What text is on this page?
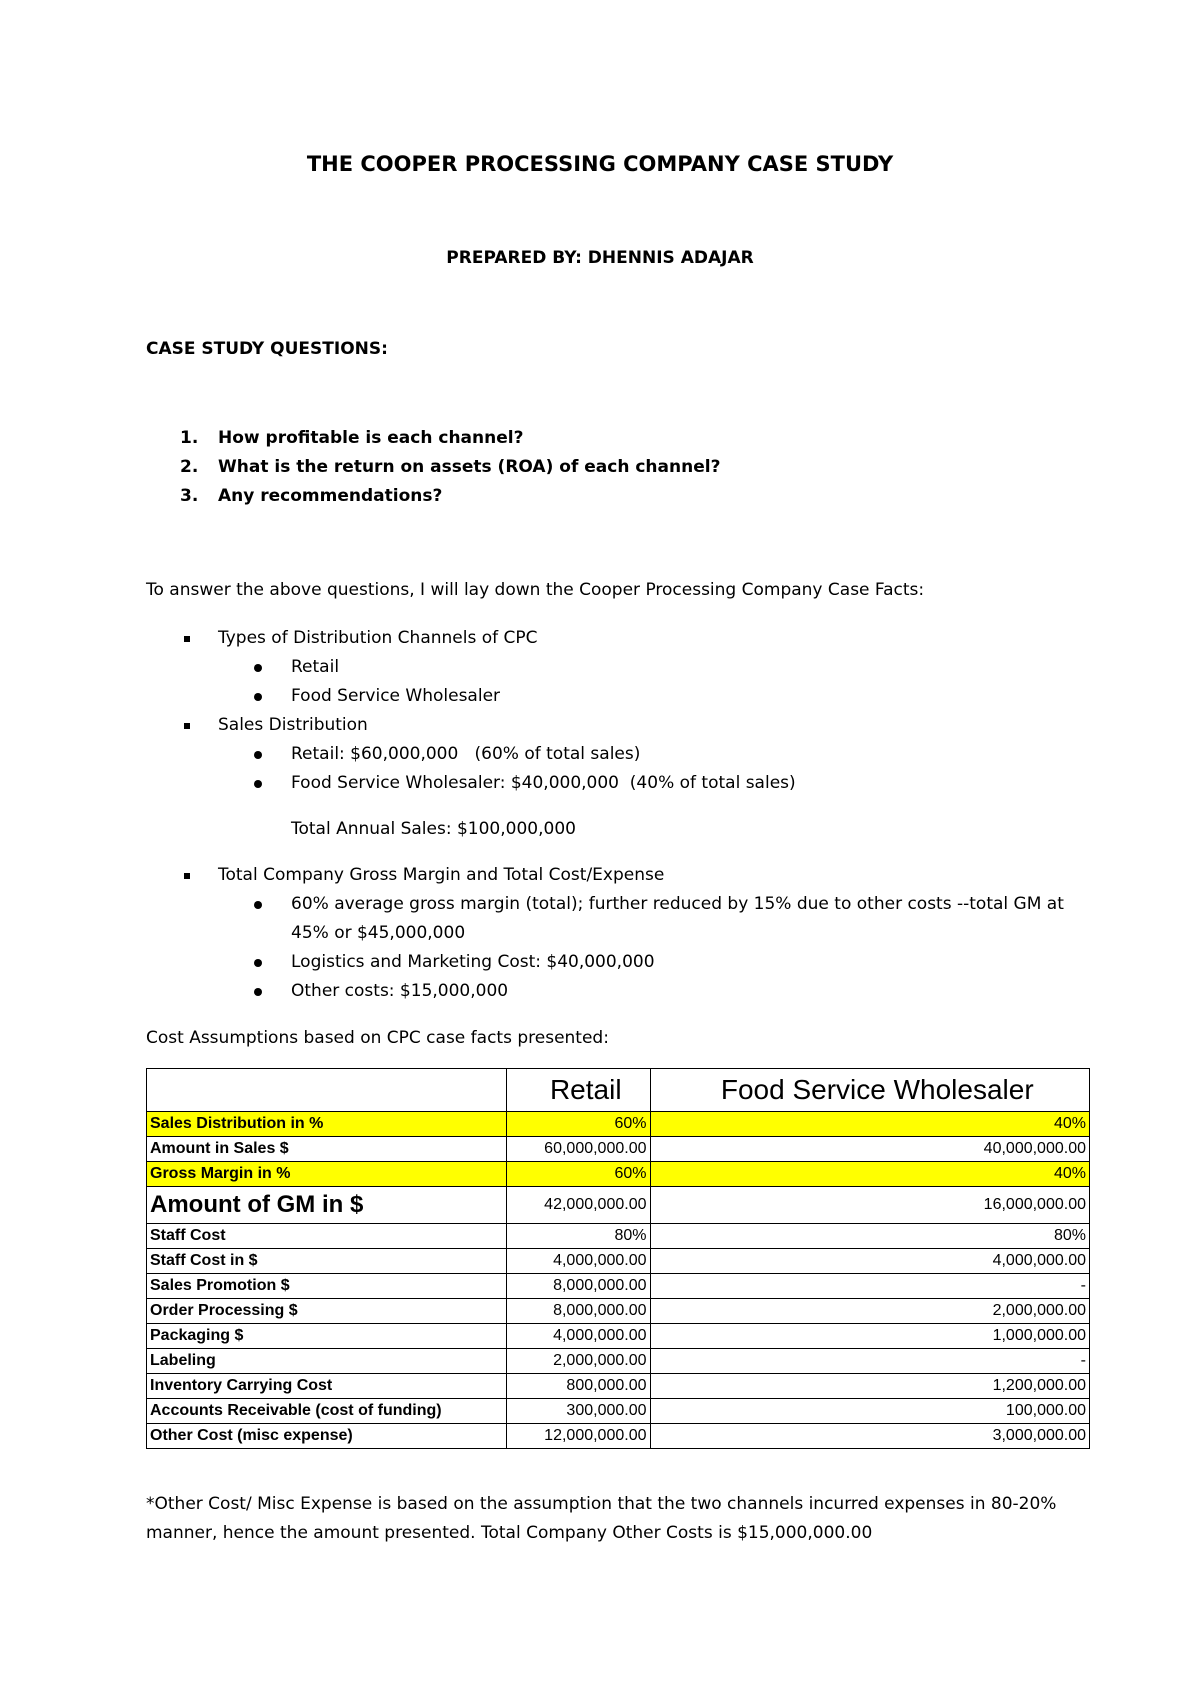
THE COOPER PROCESSING COMPANY CASE STUDY
PREPARED BY: DHENNIS ADAJAR
CASE STUDY QUESTIONS:
1.	How profitable is each channel?
2.	What is the return on assets (ROA) of each channel?
3.	Any recommendations?
To answer the above questions, I will lay down the Cooper Processing Company Case Facts:
Types of Distribution Channels of CPC
Retail
Food Service Wholesaler
Sales Distribution
Retail: $60,000,000   (60% of total sales)
Food Service Wholesaler: $40,000,000  (40% of total sales)
Total Annual Sales: $100,000,000
Total Company Gross Margin and Total Cost/Expense
60% average gross margin (total); further reduced by 15% due to other costs --total GM at 45% or $45,000,000
Logistics and Marketing Cost: $40,000,000
Other costs: $15,000,000
Cost Assumptions based on CPC case facts presented:
	Retail	Food Service Wholesaler
Sales Distribution in %	60%	40%
Amount in Sales $	60,000,000.00	40,000,000.00
Gross Margin in %	60%	40%
Amount of GM in $	42,000,000.00	16,000,000.00
Staff Cost	80%	80%
Staff Cost in $	4,000,000.00	4,000,000.00
Sales Promotion $	8,000,000.00	-
Order Processing $	8,000,000.00	2,000,000.00
Packaging $	4,000,000.00	1,000,000.00
Labeling	2,000,000.00	-
Inventory Carrying Cost	800,000.00	1,200,000.00
Accounts Receivable (cost of funding)	300,000.00	100,000.00
Other Cost (misc expense)	12,000,000.00	3,000,000.00
*Other Cost/ Misc Expense is based on the assumption that the two channels incurred expenses in 80-20% manner, hence the amount presented. Total Company Other Costs is $15,000,000.00
